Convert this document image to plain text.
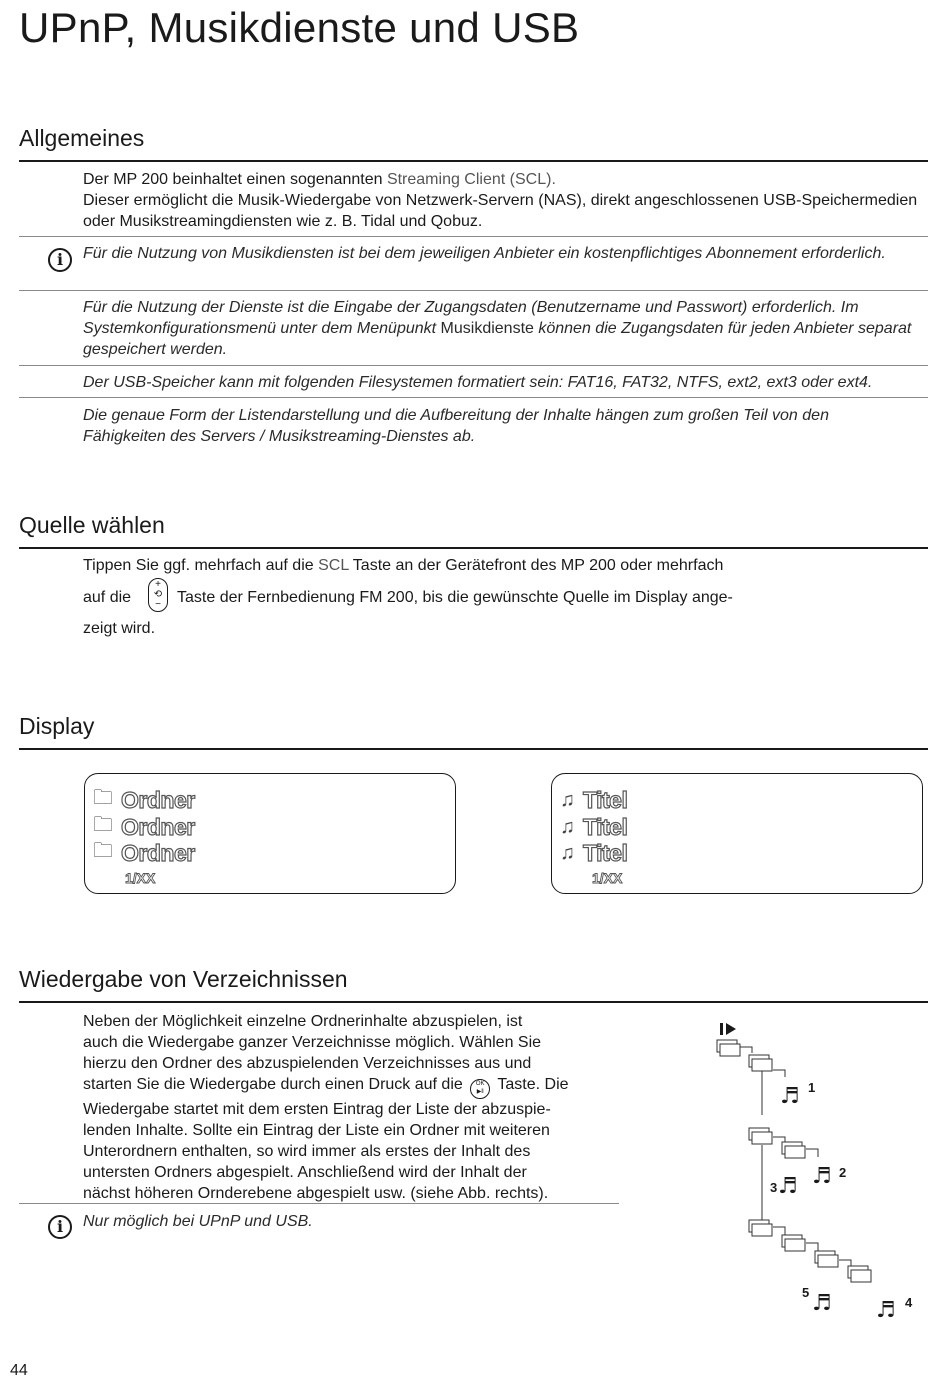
UPnP, Musikdienste und USB
Allgemeines
Der MP 200 beinhaltet einen sogenannten Streaming Client (SCL).
Dieser ermöglicht die Musik-Wiedergabe von Netzwerk-Servern (NAS), direkt angeschlossenen USB-Speichermedien oder Musikstreamingdiensten wie z. B. Tidal und Qobuz.
i	Für die Nutzung von Musikdiensten ist bei dem jeweiligen Anbieter ein kostenpflichtiges Abonnement erforderlich.
Für die Nutzung der Dienste ist die Eingabe der Zugangsdaten (Benutzername und Passwort) erforderlich. Im Systemkonfigurationsmenü unter dem Menüpunkt Musikdienste können die Zugangsdaten für jeden Anbieter separat gespeichert werden.
Der USB-Speicher kann mit folgenden Filesystemen formatiert sein: FAT16, FAT32, NTFS, ext2, ext3 oder ext4.
Die genaue Form der Listendarstellung und die Aufbereitung der Inhalte hängen zum großen Teil von den Fähigkeiten des Servers / Musikstreaming-Dienstes ab.
Quelle wählen
Tippen Sie ggf. mehrfach auf die SCL Taste an der Gerätefront des MP 200 oder mehrfach
auf die
+
⟲
−	Taste der Fernbedienung FM 200, bis die gewünschte Quelle im Display ange-
zeigt wird.
Display
🗀 Ordner
🗀 Ordner
🗀 Ordner
1/XX
♫ Titel
♫ Titel
♫ Titel
1/XX
Wiedergabe von Verzeichnissen
Neben der Möglichkeit einzelne Ordnerinhalte abzuspielen, ist
auch die Wiedergabe ganzer Verzeichnisse möglich. Wählen Sie
hierzu den Ordner des abzuspielenden Verzeichnisses aus und
starten Sie die Wiedergabe durch einen Druck auf die OK
▶‖ Taste. Die
Wiedergabe startet mit dem ersten Eintrag der Liste der abzuspie-
lenden Inhalte. Sollte ein Eintrag der Liste ein Ordner mit weiteren
Unterordnern enthalten, so wird immer als erstes der Inhalt des
untersten Ordners abgespielt. Anschließend wird der Inhalt der
nächst höheren Ornderebene abgespielt usw. (siehe Abb. rechts).
i	Nur möglich bei UPnP und USB.
♬
♬
♬
♬ ♬
1
2
3
4
5
44
